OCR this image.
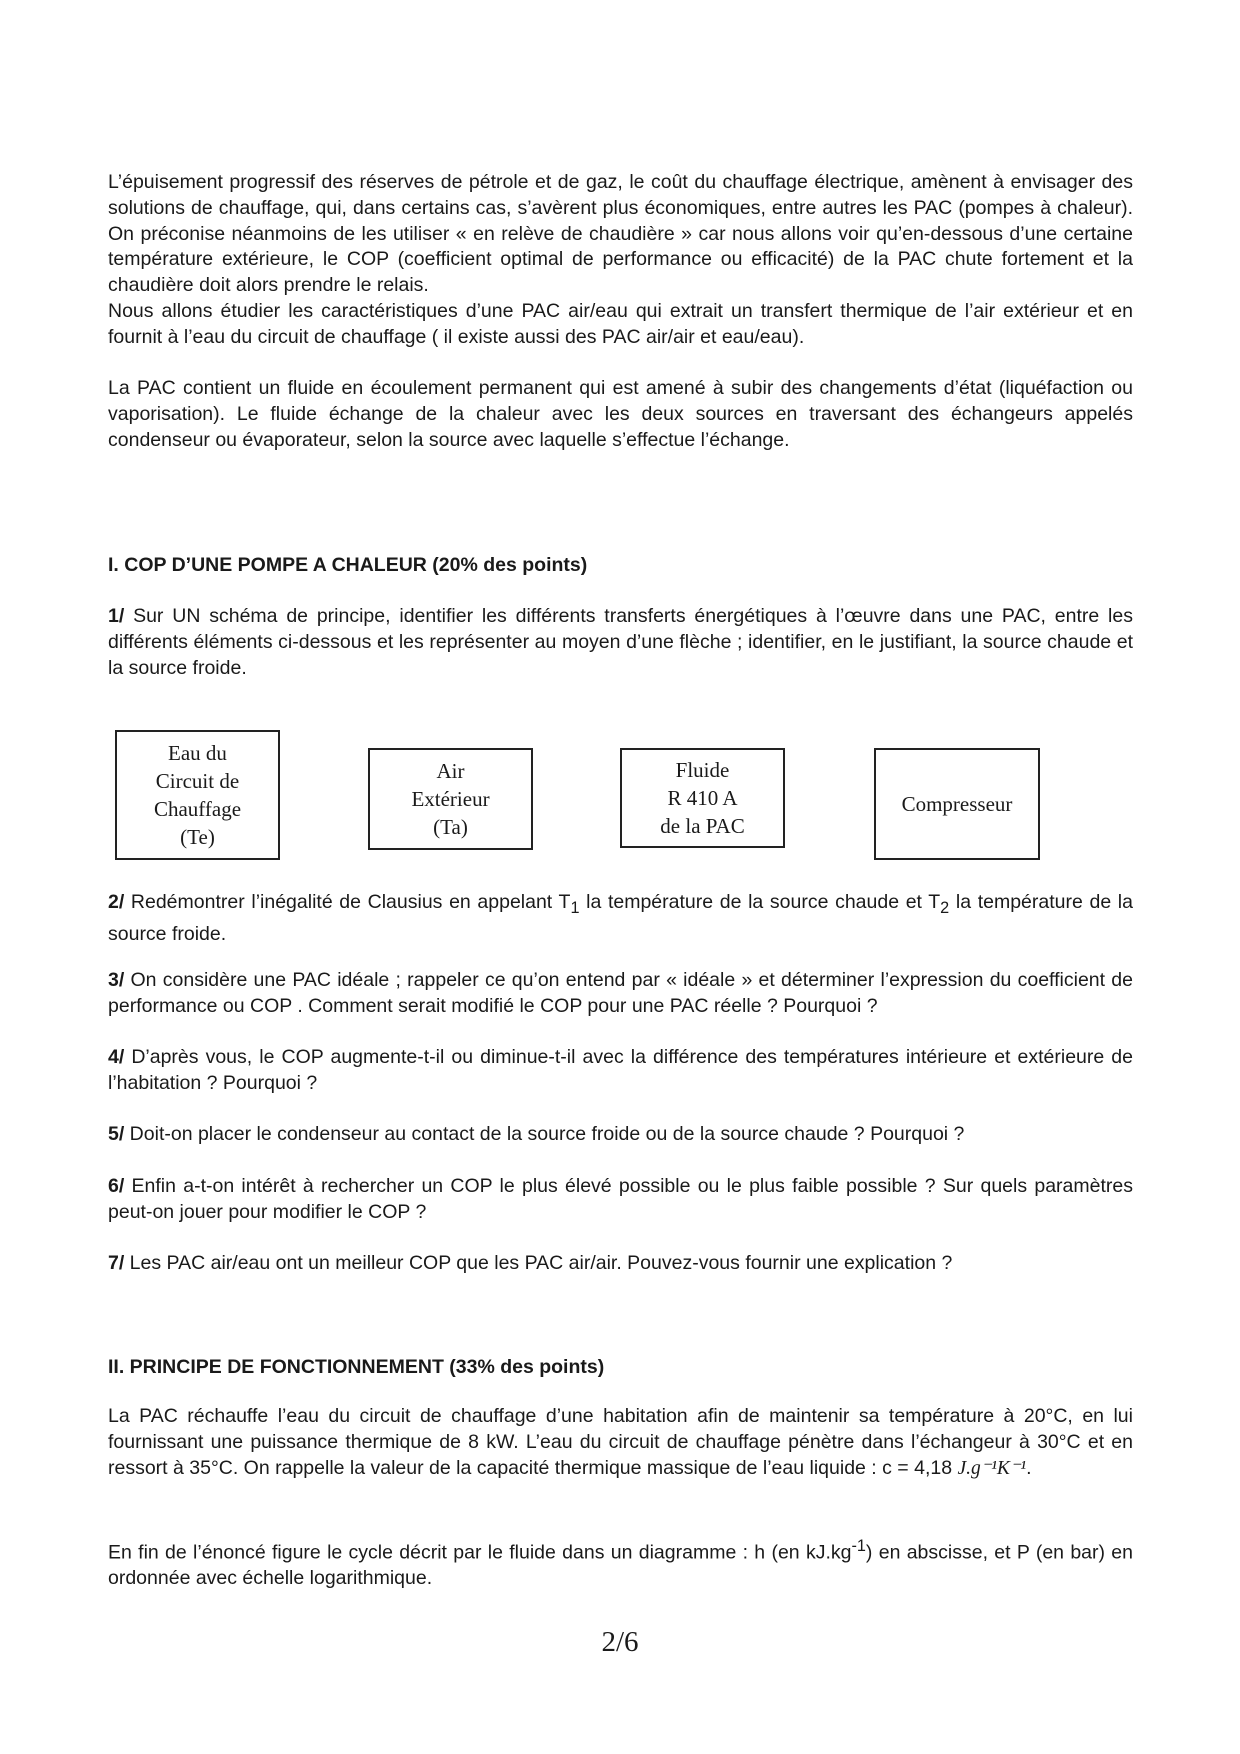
L’épuisement progressif des réserves de pétrole et de gaz, le coût du chauffage électrique, amènent à envisager des solutions de chauffage, qui, dans certains cas, s’avèrent plus économiques, entre autres les PAC (pompes à chaleur). On préconise néanmoins de les utiliser « en relève de chaudière » car nous allons voir qu’en-dessous d’une certaine température extérieure, le COP (coefficient optimal de performance ou efficacité) de la PAC chute fortement et la chaudière doit alors prendre le relais.

Nous allons étudier les caractéristiques d’une PAC air/eau qui extrait un transfert thermique de l’air extérieur et en fournit à l’eau du circuit de chauffage ( il existe aussi des PAC air/air et eau/eau).

La PAC contient un fluide en écoulement permanent qui est amené à subir des changements d’état (liquéfaction ou vaporisation). Le fluide échange de la chaleur avec les deux sources en traversant des échangeurs appelés condenseur ou évaporateur, selon la source avec laquelle s’effectue l’échange.

I. COP D’UNE POMPE A CHALEUR (20% des points)

1/ Sur UN schéma de principe, identifier les différents transferts énergétiques à l’œuvre dans une PAC, entre les différents éléments ci-dessous et les représenter au moyen d’une flèche ; identifier, en le justifiant, la source chaude et la source froide.

Eau du
Circuit de
Chauffage
(Te)
Air
Extérieur
(Ta)
Fluide
R 410 A
de la PAC
Compresseur

2/ Redémontrer l’inégalité de Clausius en appelant $T_1$ la température de la source chaude et $T_2$ la température de la source froide.

3/ On considère une PAC idéale ; rappeler ce qu’on entend par « idéale » et déterminer l’expression du coefficient de performance ou COP . Comment serait modifié le COP pour une PAC réelle ? Pourquoi ?

4/ D’après vous, le COP augmente-t-il ou diminue-t-il avec la différence des températures intérieure et extérieure de l’habitation ? Pourquoi ?

5/ Doit-on placer le condenseur au contact de la source froide ou de la source chaude ? Pourquoi ?

6/ Enfin a-t-on intérêt à rechercher un COP le plus élevé possible ou le plus faible possible ? Sur quels paramètres peut-on jouer pour modifier le COP ?

7/ Les PAC air/eau ont un meilleur COP que les PAC air/air. Pouvez-vous fournir une explication ?

II. PRINCIPE DE FONCTIONNEMENT (33% des points)

La PAC réchauffe l’eau du circuit de chauffage d’une habitation afin de maintenir sa température à 20°C, en lui fournissant une puissance thermique de 8 kW. L’eau du circuit de chauffage pénètre dans l’échangeur à 30°C et en ressort à 35°C. On rappelle la valeur de la capacité thermique massique de l’eau liquide : c = 4,18 J.g⁻¹K⁻¹.

En fin de l’énoncé figure le cycle décrit par le fluide dans un diagramme : h (en $kJ.kg^{-1}$) en abscisse, et P (en bar) en ordonnée avec échelle logarithmique.

2/6
